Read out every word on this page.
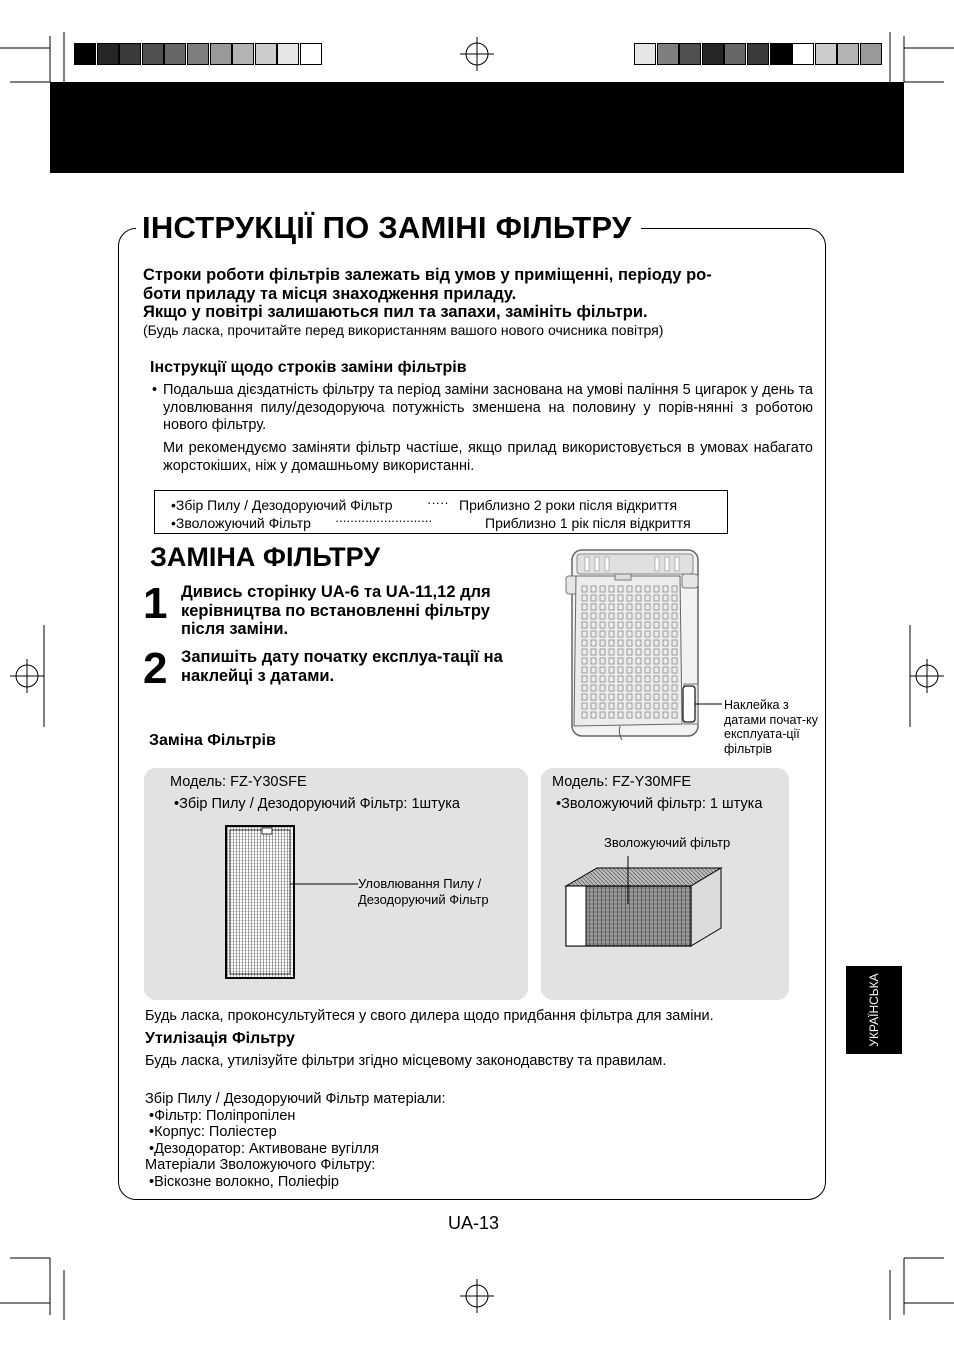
ІНСТРУКЦІЇ ПО ЗАМІНІ ФІЛЬТРУ
Строки роботи фільтрів залежать від умов у приміщенні, періоду ро-
боти приладу та місця знаходження приладу.
Якщо у повітрі залишаються пил та запахи, замініть фільтри.
(Будь ласка, прочитайте перед використанням вашого нового очисника повітря)
Інструкції щодо строків заміни фільтрів
• Подальша дієздатність фільтру та період заміни заснована на умові паління 5 цигарок у день та уловлювання пилу/дезодоруюча потужність зменшена на половину у порів-нянні з роботою нового фільтру.
Ми рекомендуємо заміняти фільтр частіше, якщо прилад використовується в умовах набагато жорстокіших, ніж у домашньому використанні.
•Збір Пилу / Дезодоруючий Фільтр	····· Приблизно 2 роки після відкриття
•Зволожуючий Фільтр ··························	Приблизно 1 рік після відкриття
ЗАМІНА ФІЛЬТРУ
1 Дивись сторінку UA-6 та UA-11,12 для керівництва по встановленні фільтру після заміни.
2 Запишіть дату початку експлуа-тації на наклейці з датами.
Наклейка з датами почат-ку експлуата-ції фільтрів
Заміна Фільтрів
Модель: FZ-Y30SFE
•Збір Пилу / Дезодоруючий Фільтр: 1штука
Уловлювання Пилу /
Дезодоруючий Фільтр
Модель: FZ-Y30MFE
•Зволожуючий фільтр: 1 штука
Зволожуючий фільтр
Будь ласка, проконсультуйтеся у свого дилера щодо придбання фільтра для заміни.
Утилізація Фільтру
Будь ласка, утилізуйте фільтри згідно місцевому законодавству та правилам.
Збір Пилу / Дезодоруючий Фільтр матеріали:
•Фільтр: Поліпропілен
•Корпус: Поліестер
•Дезодоратор: Активоване вугілля
Матеріали Зволожуючого Фільтру:
•Віскозне волокно, Поліефір
UA-13
УКРАЇНСЬКА
